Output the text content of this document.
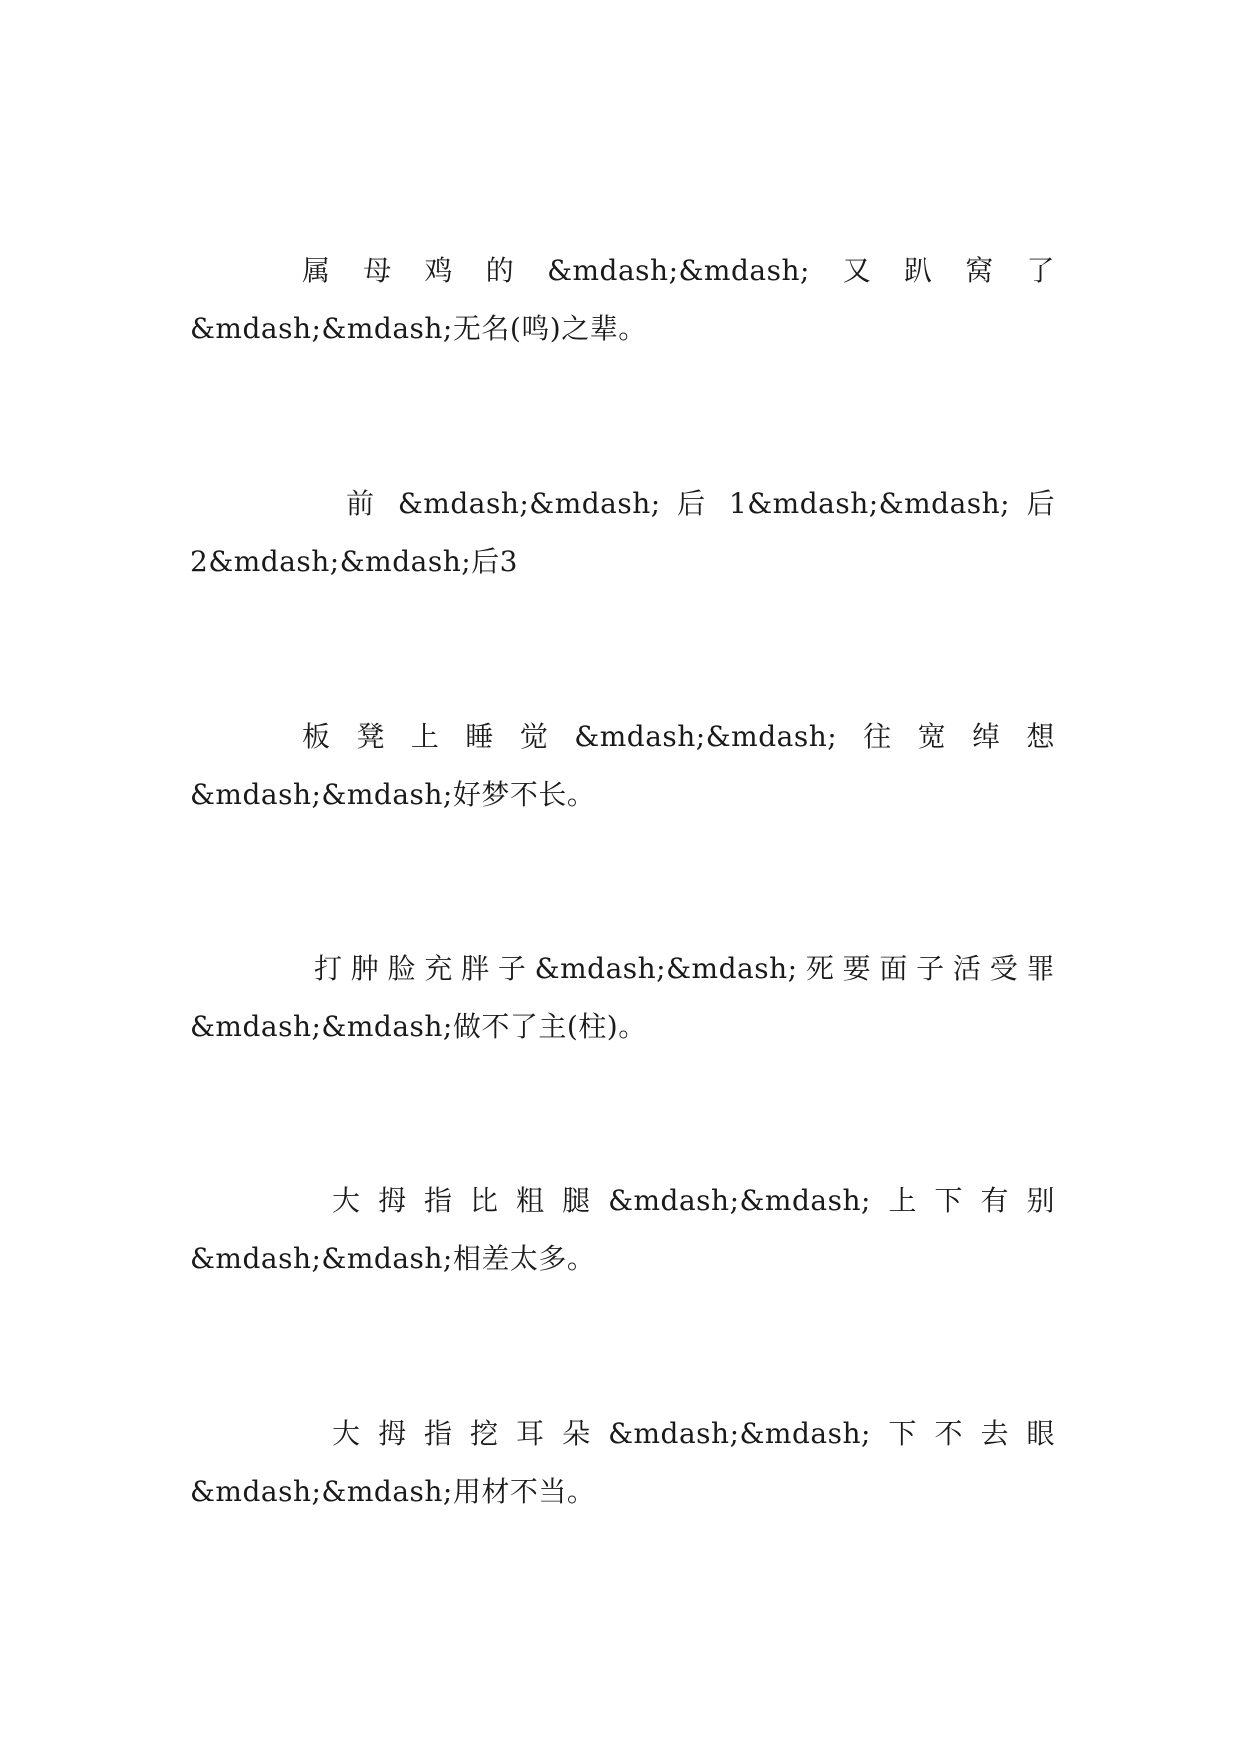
属母鸡的&mdash;&mdash;又趴窝了&mdash;&mdash;无名(鸣)之辈。

前 &mdash;&mdash; 后 1&mdash;&mdash; 后2&mdash;&mdash;后3

板凳上睡觉&mdash;&mdash;往宽绰想&mdash;&mdash;好梦不长。

打肿脸充胖子&mdash;&mdash;死要面子活受罪&mdash;&mdash;做不了主(柱)。

大拇指比粗腿&mdash;&mdash;上下有别&mdash;&mdash;相差太多。

大拇指挖耳朵&mdash;&mdash;下不去眼&mdash;&mdash;用材不当。
